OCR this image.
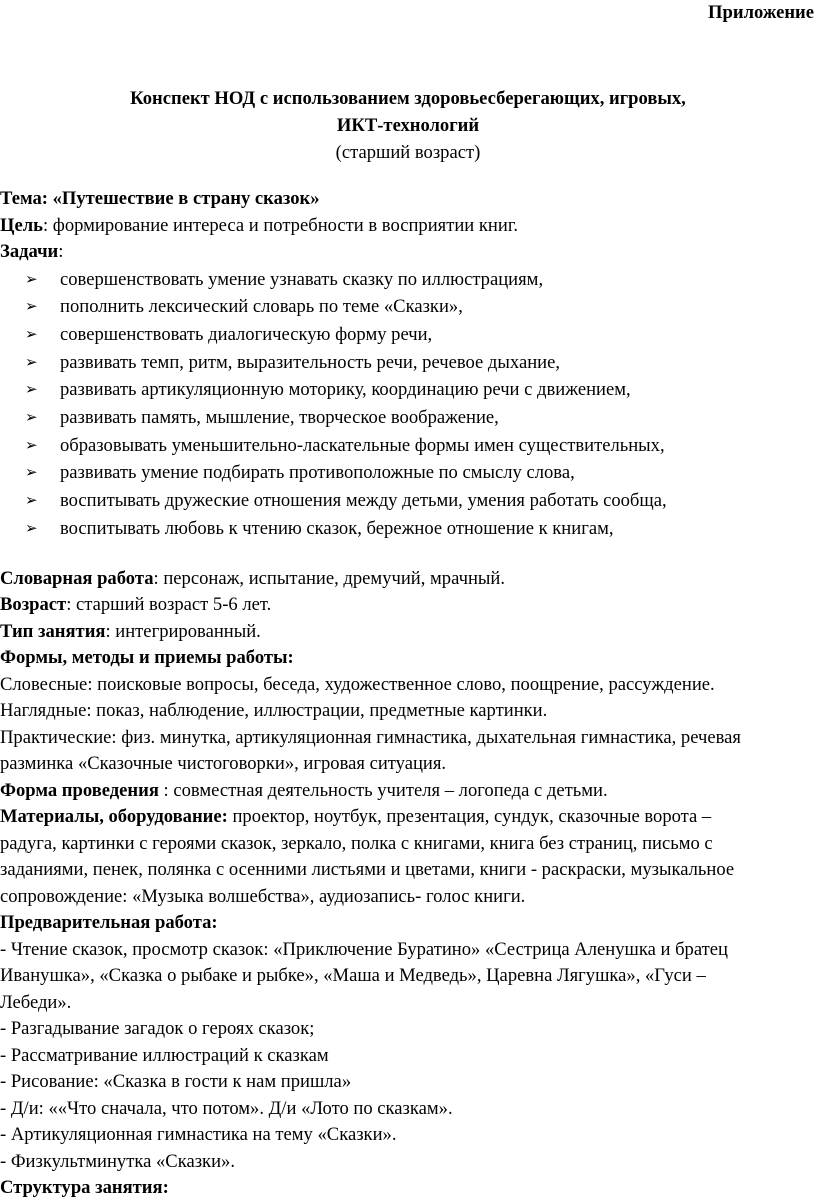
Приложение
Конспект НОД с использованием здоровьесберегающих, игровых,
ИКТ-технологий
(старший возраст)

Тема: «Путешествие в страну сказок»

Цель: формирование интереса и потребности в восприятии книг.

Задачи:

➢ совершенствовать умение узнавать сказку по иллюстрациям,
➢ пополнить лексический словарь по теме «Сказки»,
➢ совершенствовать диалогическую форму речи,
➢ развивать темп, ритм, выразительность речи, речевое дыхание,
➢ развивать артикуляционную моторику, координацию речи с движением,
➢ развивать память, мышление, творческое воображение,
➢ образовывать уменьшительно-ласкательные формы имен существительных,
➢ развивать умение подбирать противоположные по смыслу слова,
➢ воспитывать дружеские отношения между детьми, умения работать сообща,
➢ воспитывать любовь к чтению сказок, бережное отношение к книгам,

Словарная работа: персонаж, испытание, дремучий, мрачный.

Возраст: старший возраст 5-6 лет.

Тип занятия: интегрированный.

Формы, методы и приемы работы:

Словесные: поисковые вопросы, беседа, художественное слово, поощрение, рассуждение.

Наглядные: показ, наблюдение, иллюстрации, предметные картинки.

Практические: физ. минутка, артикуляционная гимнастика, дыхательная гимнастика, речевая

разминка «Сказочные чистоговорки», игровая ситуация.

Форма проведения : совместная деятельность учителя – логопеда с детьми.

Материалы, оборудование: проектор, ноутбук, презентация, сундук, сказочные ворота –

радуга, картинки с героями сказок, зеркало, полка с книгами, книга без страниц, письмо с

заданиями, пенек, полянка с осенними листьями и цветами, книги - раскраски, музыкальное

сопровождение: «Музыка волшебства», аудиозапись- голос книги.

Предварительная работа:

- Чтение сказок, просмотр сказок: «Приключение Буратино» «Сестрица Аленушка и братец

Иванушка», «Сказка о рыбаке и рыбке», «Маша и Медведь», Царевна Лягушка», «Гуси –

Лебеди».

- Разгадывание загадок о героях сказок;

- Рассматривание иллюстраций к сказкам

- Рисование: «Сказка в гости к нам пришла»

- Д/и: ««Что сначала, что потом». Д/и «Лото по сказкам».

- Артикуляционная гимнастика на тему «Сказки».

- Физкультминутка «Сказки».

Структура занятия:
